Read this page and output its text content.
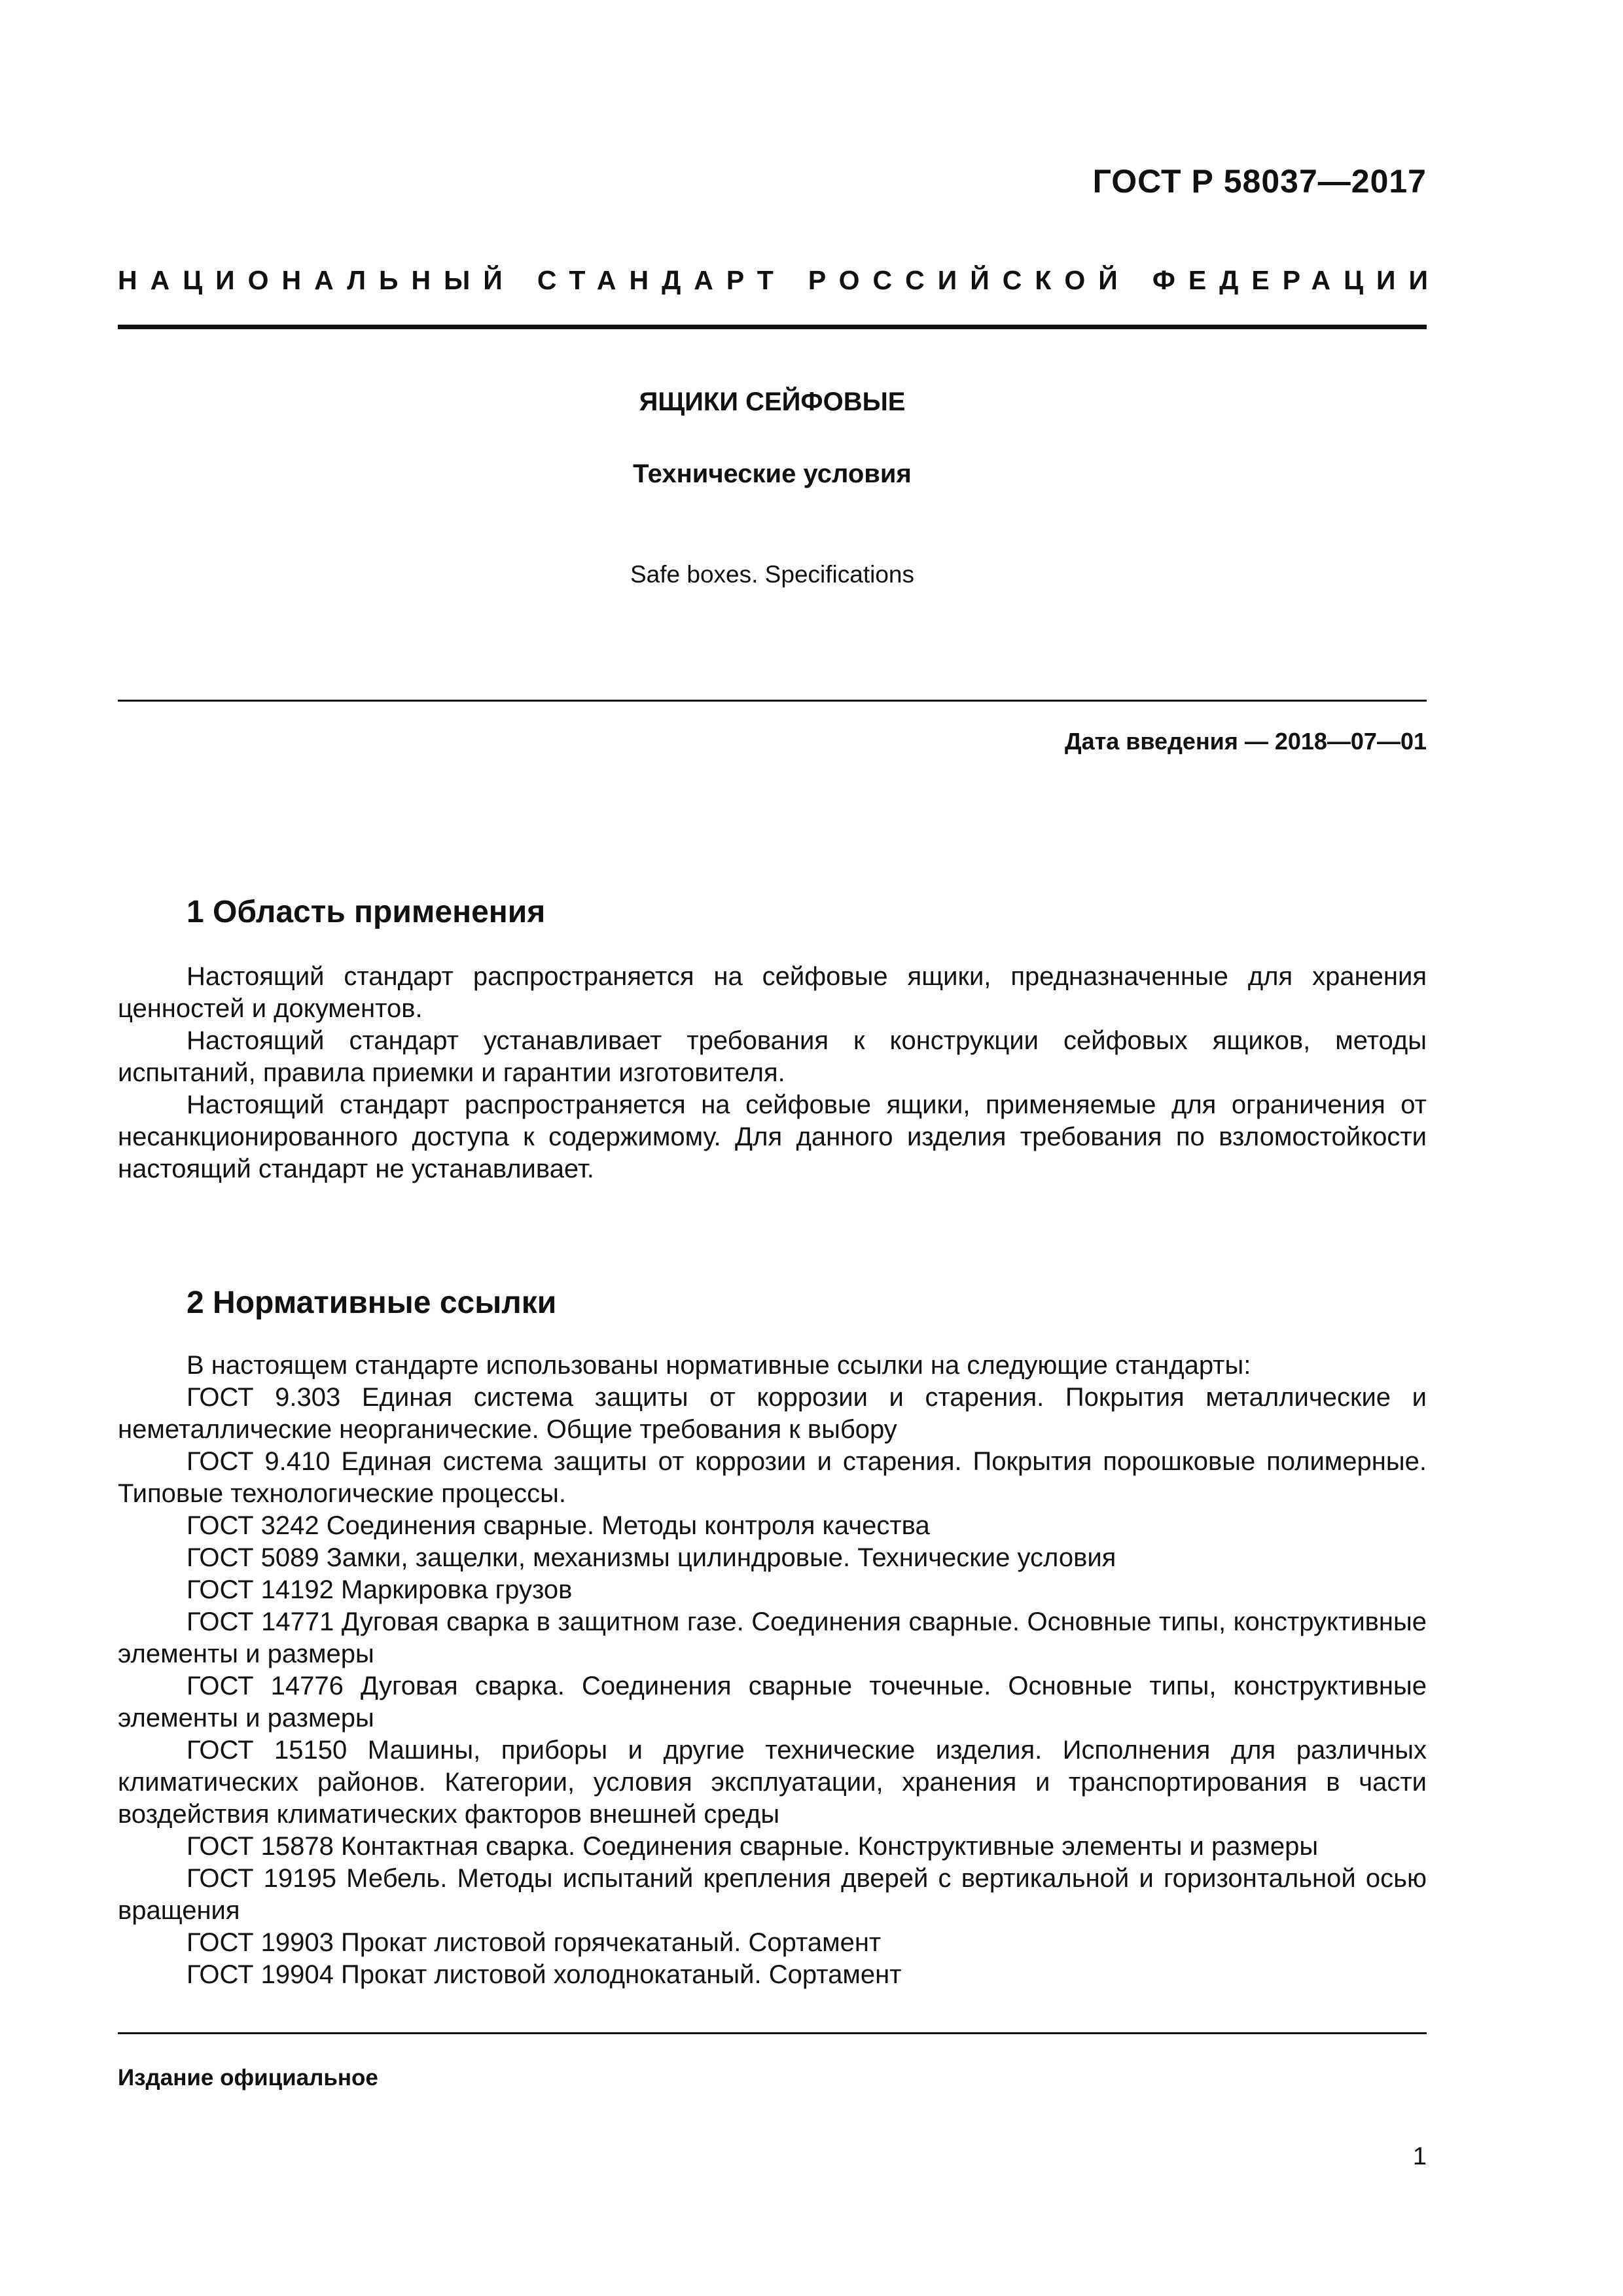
ГОСТ Р 58037—2017
НАЦИОНАЛЬНЫЙ СТАНДАРТ РОССИЙСКОЙ ФЕДЕРАЦИИ
ЯЩИКИ СЕЙФОВЫЕ
Технические условия
Safe boxes. Specifications
Дата введения — 2018—07—01
1 Область применения

Настоящий стандарт распространяется на сейфовые ящики, предназначенные для хранения ценностей и документов.

Настоящий стандарт устанавливает требования к конструкции сейфовых ящиков, методы испытаний, правила приемки и гарантии изготовителя.

Настоящий стандарт распространяется на сейфовые ящики, применяемые для ограничения от несанкционированного доступа к содержимому. Для данного изделия требования по взломостойкости настоящий стандарт не устанавливает.

2 Нормативные ссылки

В настоящем стандарте использованы нормативные ссылки на следующие стандарты:

ГОСТ 9.303 Единая система защиты от коррозии и старения. Покрытия металлические и неметаллические неорганические. Общие требования к выбору

ГОСТ 9.410 Единая система защиты от коррозии и старения. Покрытия порошковые полимерные. Типовые технологические процессы.

ГОСТ 3242 Соединения сварные. Методы контроля качества

ГОСТ 5089 Замки, защелки, механизмы цилиндровые. Технические условия

ГОСТ 14192 Маркировка грузов

ГОСТ 14771 Дуговая сварка в защитном газе. Соединения сварные. Основные типы, конструктивные элементы и размеры

ГОСТ 14776 Дуговая сварка. Соединения сварные точечные. Основные типы, конструктивные элементы и размеры

ГОСТ 15150 Машины, приборы и другие технические изделия. Исполнения для различных климатических районов. Категории, условия эксплуатации, хранения и транспортирования в части воздействия климатических факторов внешней среды

ГОСТ 15878 Контактная сварка. Соединения сварные. Конструктивные элементы и размеры

ГОСТ 19195 Мебель. Методы испытаний крепления дверей с вертикальной и горизонтальной осью вращения

ГОСТ 19903 Прокат листовой горячекатаный. Сортамент

ГОСТ 19904 Прокат листовой холоднокатаный. Сортамент

Издание официальное
1
